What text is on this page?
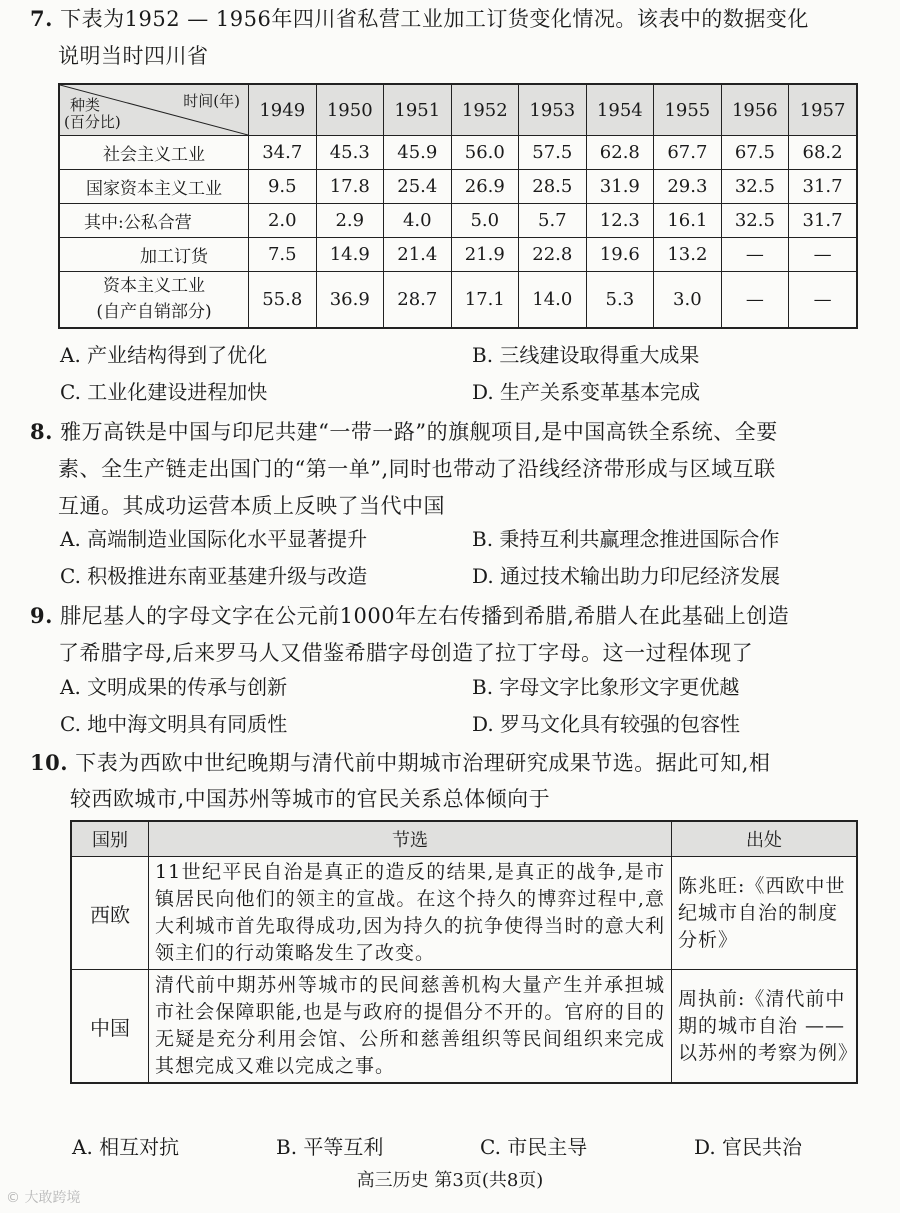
7. 下表为1952 — 1956年四川省私营工业加工订货变化情况。该表中的数据变化
说明当时四川省
时间(年)
种类
(百分比)	1949	1950	1951	1952	1953	1954	1955	1956	1957
社会主义工业	34.7	45.3	45.9	56.0	57.5	62.8	67.7	67.5	68.2
国家资本主义工业	9.5	17.8	25.4	26.9	28.5	31.9	29.3	32.5	31.7
其中:公私合营	2.0	2.9	4.0	5.0	5.7	12.3	16.1	32.5	31.7
加工订货	7.5	14.9	21.4	21.9	22.8	19.6	13.2	—	—

资本主义工业
(自产自销部分)	55.8	36.9	28.7	17.1	14.0	5.3	3.0	—	—
A. 产业结构得到了优化	B. 三线建设取得重大成果
C. 工业化建设进程加快	D. 生产关系变革基本完成
8. 雅万高铁是中国与印尼共建“一带一路”的旗舰项目,是中国高铁全系统、全要
素、全生产链走出国门的“第一单”,同时也带动了沿线经济带形成与区域互联
互通。其成功运营本质上反映了当代中国
A. 高端制造业国际化水平显著提升	B. 秉持互利共赢理念推进国际合作
C. 积极推进东南亚基建升级与改造	D. 通过技术输出助力印尼经济发展
9. 腓尼基人的字母文字在公元前1000年左右传播到希腊,希腊人在此基础上创造
了希腊字母,后来罗马人又借鉴希腊字母创造了拉丁字母。这一过程体现了
A. 文明成果的传承与创新	B. 字母文字比象形文字更优越
C. 地中海文明具有同质性	D. 罗马文化具有较强的包容性
10. 下表为西欧中世纪晚期与清代前中期城市治理研究成果节选。据此可知,相
较西欧城市,中国苏州等城市的官民关系总体倾向于
国别	节选	出处
西欧	11世纪平民自治是真正的造反的结果,是真正的战争,是市镇居民向他们的领主的宣战。在这个持久的博弈过程中,意大利城市首先取得成功,因为持久的抗争使得当时的意大利领主们的行动策略发生了改变。	陈兆旺:《西欧中世纪城市自治的制度分析》
中国	清代前中期苏州等城市的民间慈善机构大量产生并承担城市社会保障职能,也是与政府的提倡分不开的。官府的目的无疑是充分利用会馆、公所和慈善组织等民间组织来完成其想完成又难以完成之事。	周执前:《清代前中期的城市自治 —— 以苏州的考察为例》
A. 相互对抗	B. 平等互利	C. 市民主导	D. 官民共治
高三历史 第3页(共8页)
© 大敢跨境
